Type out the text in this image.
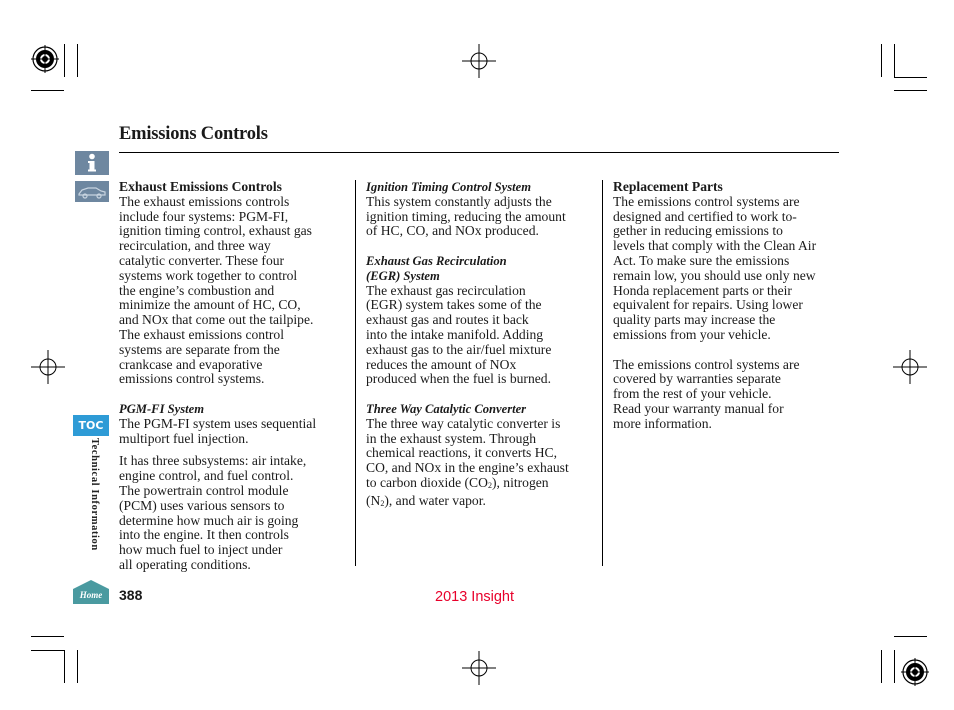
Emissions Controls
TOC
Technical Information
Home 388	2013 Insight

Exhaust Emissions Controls

The exhaust emissions controls

include four systems: PGM-FI,

ignition timing control, exhaust gas

recirculation, and three way

catalytic converter. These four

systems work together to control

the engine’s combustion and

minimize the amount of HC, CO,

and NOx that come out the tailpipe.

The exhaust emissions control

systems are separate from the

crankcase and evaporative

emissions control systems.

PGM-FI System

The PGM-FI system uses sequential

multiport fuel injection.

It has three subsystems: air intake,

engine control, and fuel control.

The powertrain control module

(PCM) uses various sensors to

determine how much air is going

into the engine. It then controls

how much fuel to inject under

all operating conditions.

Ignition Timing Control System

This system constantly adjusts the

ignition timing, reducing the amount

of HC, CO, and NOx produced.

Exhaust Gas Recirculation

(EGR) System

The exhaust gas recirculation

(EGR) system takes some of the

exhaust gas and routes it back

into the intake manifold. Adding

exhaust gas to the air/fuel mixture

reduces the amount of NOx

produced when the fuel is burned.

Three Way Catalytic Converter

The three way catalytic converter is

in the exhaust system. Through

chemical reactions, it converts HC,

CO, and NOx in the engine’s exhaust

to carbon dioxide $(CO_2)$, nitrogen

$(N_2)$, and water vapor.

Replacement Parts

The emissions control systems are

designed and certified to work to-

gether in reducing emissions to

levels that comply with the Clean Air

Act. To make sure the emissions

remain low, you should use only new

Honda replacement parts or their

equivalent for repairs. Using lower

quality parts may increase the

emissions from your vehicle.

The emissions control systems are

covered by warranties separate

from the rest of your vehicle.

Read your warranty manual for

more information.
